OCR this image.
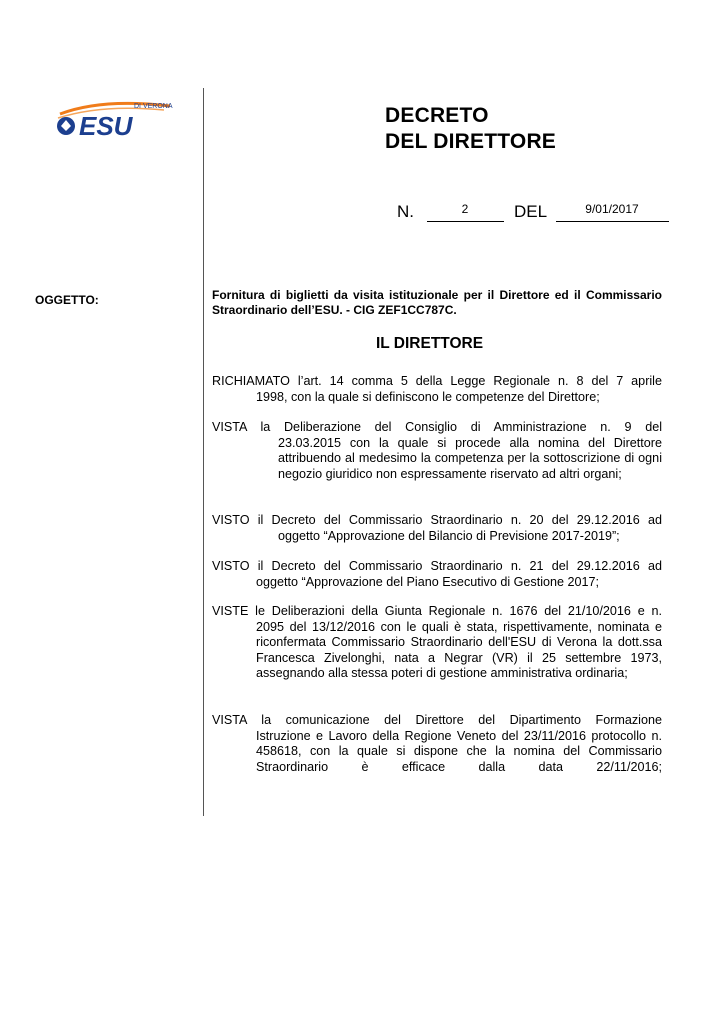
DI VERONA
ESU	DECRETO
DEL DIRETTORE
N.	2	DEL	9/01/2017
OGGETTO:	Fornitura di biglietti da visita istituzionale per il Direttore ed il Commissario Straordinario dell’ESU. - CIG ZEF1CC787C.
IL DIRETTORE
RICHIAMATO l’art. 14 comma 5 della Legge Regionale n. 8 del 7 aprile
1998, con la quale si definiscono le competenze del Direttore;
VISTA la Deliberazione del Consiglio di Amministrazione n. 9 del
23.03.2015 con la quale si procede alla nomina del Direttore attribuendo al medesimo la competenza per la sottoscrizione di ogni negozio giuridico non espressamente riservato ad altri organi;
VISTO il Decreto del Commissario Straordinario n. 20 del 29.12.2016 ad
oggetto “Approvazione del Bilancio di Previsione 2017-2019”;
VISTO il Decreto del Commissario Straordinario n. 21 del 29.12.2016 ad
oggetto “Approvazione del Piano Esecutivo di Gestione 2017;
VISTE le Deliberazioni della Giunta Regionale n. 1676 del 21/10/2016 e n.
2095 del 13/12/2016 con le quali è stata, rispettivamente, nominata e riconfermata Commissario Straordinario dell'ESU di Verona la dott.ssa Francesca Zivelonghi, nata a Negrar (VR) il 25 settembre 1973, assegnando alla stessa poteri di gestione amministrativa ordinaria;
VISTA la comunicazione del Direttore del Dipartimento Formazione
Istruzione e Lavoro della Regione Veneto del 23/11/2016 protocollo n. 458618, con la quale si dispone che la nomina del Commissario Straordinario è efficace dalla data 22/11/2016;
